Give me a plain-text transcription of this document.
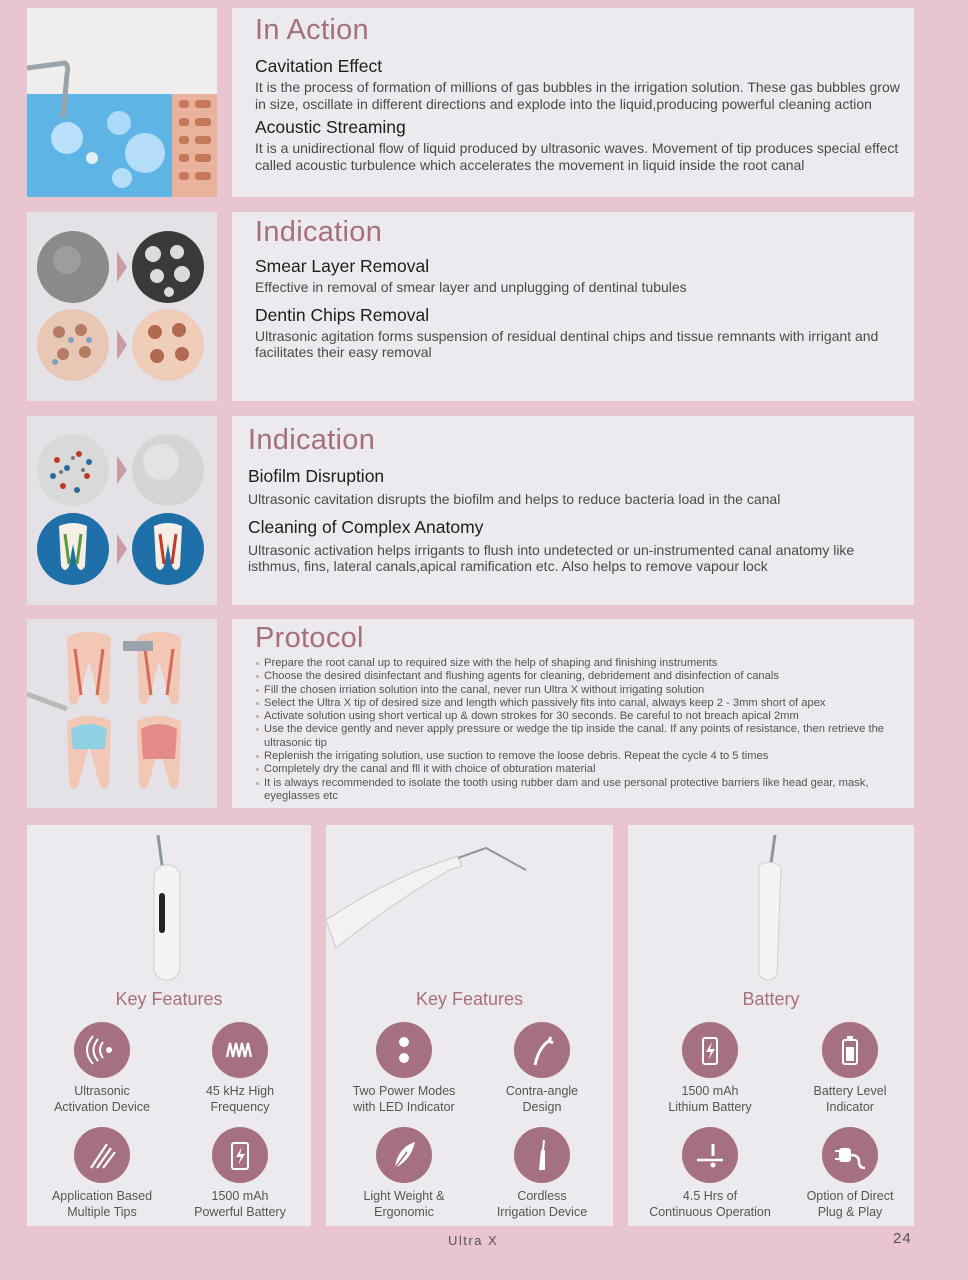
In Action

Cavitation Effect

It is the process of formation of millions of gas bubbles in the irrigation solution. These gas bubbles grow in size, oscillate in different directions and explode into the liquid,producing powerful cleaning action

Acoustic Streaming

It is a unidirectional flow of liquid produced by ultrasonic waves. Movement of tip produces special effect called acoustic turbulence which accelerates the movement in liquid inside the root canal

Indication

Smear Layer Removal

Effective in removal of smear layer and unplugging of dentinal tubules

Dentin Chips Removal

Ultrasonic agitation forms suspension of residual dentinal chips and tissue remnants with irrigant and facilitates their easy removal

Indication

Biofilm Disruption

Ultrasonic cavitation disrupts the biofilm and helps to reduce bacteria load in the canal

Cleaning of Complex Anatomy

Ultrasonic activation helps irrigants to flush into undetected or un-instrumented canal anatomy like isthmus, fins, lateral canals,apical ramification etc. Also helps to remove vapour lock

Protocol
Prepare the root canal up to required size with the help of shaping and finishing instruments
Choose the desired disinfectant and flushing agents for cleaning, debridement and disinfection of canals
Fill the chosen irriation solution into the canal, never run Ultra X without irrigating solution
Select the Ultra X tip of desired size and length which passively fits into canal, always keep 2 - 3mm short of apex
Activate solution using short vertical up & down strokes for 30 seconds. Be careful to not breach apical 2mm
Use the device gently and never apply pressure or wedge the tip inside the canal. If any points of resistance, then retrieve the ultrasonic tip
Replenish the irrigating solution, use suction to remove the loose debris. Repeat the cycle 4 to 5 times
Completely dry the canal and fll it with choice of obturation material
It is always recommended to isolate the tooth using rubber dam and use personal protective barriers like head gear, mask, eyeglasses etc
Key Features
Ultrasonic
Activation Device
45 kHz High
Frequency
Application Based
Multiple Tips
1500 mAh
Powerful Battery
Key Features
Two Power Modes
with LED Indicator
Contra-angle
Design
Light Weight &
Ergonomic
Cordless
Irrigation Device
Battery
1500 mAh
Lithium Battery
Battery Level
Indicator
4.5 Hrs of
Continuous Operation
Option of Direct
Plug & Play
Ultra X	24
